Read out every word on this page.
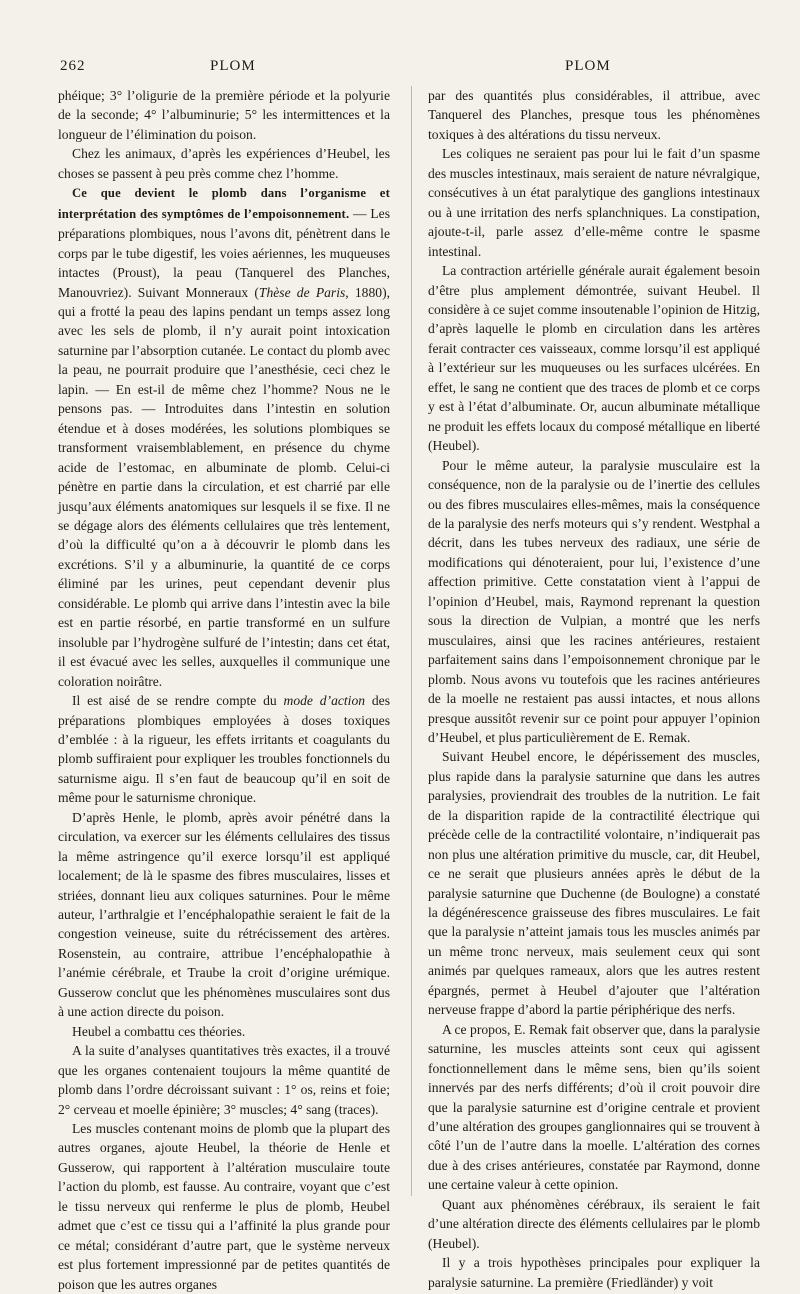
262	PLOM	PLOM

phéique; 3° l’oligurie de la première période et la polyurie de la seconde; 4° l’albuminurie; 5° les intermittences et la longueur de l’élimination du poison.

Chez les animaux, d’après les expériences d’Heubel, les choses se passent à peu près comme chez l’homme.

Ce que devient le plomb dans l’organisme et interprétation des symptômes de l’empoisonnement. — Les préparations plombiques, nous l’avons dit, pénètrent dans le corps par le tube digestif, les voies aériennes, les muqueuses intactes (Proust), la peau (Tanquerel des Planches, Manouvriez). Suivant Monneraux (Thèse de Paris, 1880), qui a frotté la peau des lapins pendant un temps assez long avec les sels de plomb, il n’y aurait point intoxication saturnine par l’absorption cutanée. Le contact du plomb avec la peau, ne pourrait produire que l’anesthésie, ceci chez le lapin. — En est-il de même chez l’homme? Nous ne le pensons pas. — Introduites dans l’intestin en solution étendue et à doses modérées, les solutions plombiques se transforment vraisemblablement, en présence du chyme acide de l’estomac, en albuminate de plomb. Celui-ci pénètre en partie dans la circulation, et est charrié par elle jusqu’aux éléments anatomiques sur lesquels il se fixe. Il ne se dégage alors des éléments cellulaires que très lentement, d’où la difficulté qu’on a à découvrir le plomb dans les excrétions. S’il y a albuminurie, la quantité de ce corps éliminé par les urines, peut cependant devenir plus considérable. Le plomb qui arrive dans l’intestin avec la bile est en partie résorbé, en partie transformé en un sulfure insoluble par l’hydrogène sulfuré de l’intestin; dans cet état, il est évacué avec les selles, auxquelles il communique une coloration noirâtre.

Il est aisé de se rendre compte du mode d’action des préparations plombiques employées à doses toxiques d’emblée : à la rigueur, les effets irritants et coagulants du plomb suffiraient pour expliquer les troubles fonctionnels du saturnisme aigu. Il s’en faut de beaucoup qu’il en soit de même pour le saturnisme chronique.

D’après Henle, le plomb, après avoir pénétré dans la circulation, va exercer sur les éléments cellulaires des tissus la même astringence qu’il exerce lorsqu’il est appliqué localement; de là le spasme des fibres musculaires, lisses et striées, donnant lieu aux coliques saturnines. Pour le même auteur, l’arthralgie et l’encéphalopathie seraient le fait de la congestion veineuse, suite du rétrécissement des artères. Rosenstein, au contraire, attribue l’encéphalopathie à l’anémie cérébrale, et Traube la croit d’origine urémique. Gusserow conclut que les phénomènes musculaires sont dus à une action directe du poison.

Heubel a combattu ces théories.

A la suite d’analyses quantitatives très exactes, il a trouvé que les organes contenaient toujours la même quantité de plomb dans l’ordre décroissant suivant : 1° os, reins et foie; 2° cerveau et moelle épinière; 3° muscles; 4° sang (traces).

Les muscles contenant moins de plomb que la plupart des autres organes, ajoute Heubel, la théorie de Henle et Gusserow, qui rapportent à l’altération musculaire toute l’action du plomb, est fausse. Au contraire, voyant que c’est le tissu nerveux qui renferme le plus de plomb, Heubel admet que c’est ce tissu qui a l’affinité la plus grande pour ce métal; considérant d’autre part, que le système nerveux est plus fortement impressionné par de petites quantités de poison que les autres organes

par des quantités plus considérables, il attribue, avec Tanquerel des Planches, presque tous les phénomènes toxiques à des altérations du tissu nerveux.

Les coliques ne seraient pas pour lui le fait d’un spasme des muscles intestinaux, mais seraient de nature névralgique, consécutives à un état paralytique des ganglions intestinaux ou à une irritation des nerfs splanchniques. La constipation, ajoute-t-il, parle assez d’elle-même contre le spasme intestinal.

La contraction artérielle générale aurait également besoin d’être plus amplement démontrée, suivant Heubel. Il considère à ce sujet comme insoutenable l’opinion de Hitzig, d’après laquelle le plomb en circulation dans les artères ferait contracter ces vaisseaux, comme lorsqu’il est appliqué à l’extérieur sur les muqueuses ou les surfaces ulcérées. En effet, le sang ne contient que des traces de plomb et ce corps y est à l’état d’albuminate. Or, aucun albuminate métallique ne produit les effets locaux du composé métallique en liberté (Heubel).

Pour le même auteur, la paralysie musculaire est la conséquence, non de la paralysie ou de l’inertie des cellules ou des fibres musculaires elles-mêmes, mais la conséquence de la paralysie des nerfs moteurs qui s’y rendent. Westphal a décrit, dans les tubes nerveux des radiaux, une série de modifications qui dénoteraient, pour lui, l’existence d’une affection primitive. Cette constatation vient à l’appui de l’opinion d’Heubel, mais, Raymond reprenant la question sous la direction de Vulpian, a montré que les nerfs musculaires, ainsi que les racines antérieures, restaient parfaitement sains dans l’empoisonnement chronique par le plomb. Nous avons vu toutefois que les racines antérieures de la moelle ne restaient pas aussi intactes, et nous allons presque aussitôt revenir sur ce point pour appuyer l’opinion d’Heubel, et plus particulièrement de E. Remak.

Suivant Heubel encore, le dépérissement des muscles, plus rapide dans la paralysie saturnine que dans les autres paralysies, proviendrait des troubles de la nutrition. Le fait de la disparition rapide de la contractilité électrique qui précède celle de la contractilité volontaire, n’indiquerait pas non plus une altération primitive du muscle, car, dit Heubel, ce ne serait que plusieurs années après le début de la paralysie saturnine que Duchenne (de Boulogne) a constaté la dégénérescence graisseuse des fibres musculaires. Le fait que la paralysie n’atteint jamais tous les muscles animés par un même tronc nerveux, mais seulement ceux qui sont animés par quelques rameaux, alors que les autres restent épargnés, permet à Heubel d’ajouter que l’altération nerveuse frappe d’abord la partie périphérique des nerfs.

A ce propos, E. Remak fait observer que, dans la paralysie saturnine, les muscles atteints sont ceux qui agissent fonctionnellement dans le même sens, bien qu’ils soient innervés par des nerfs différents; d’où il croit pouvoir dire que la paralysie saturnine est d’origine centrale et provient d’une altération des groupes ganglionnaires qui se trouvent à côté l’un de l’autre dans la moelle. L’altération des cornes due à des crises antérieures, constatée par Raymond, donne une certaine valeur à cette opinion.

Quant aux phénomènes cérébraux, ils seraient le fait d’une altération directe des éléments cellulaires par le plomb (Heubel).

Il y a trois hypothèses principales pour expliquer la paralysie saturnine. La première (Friedländer) y voit
